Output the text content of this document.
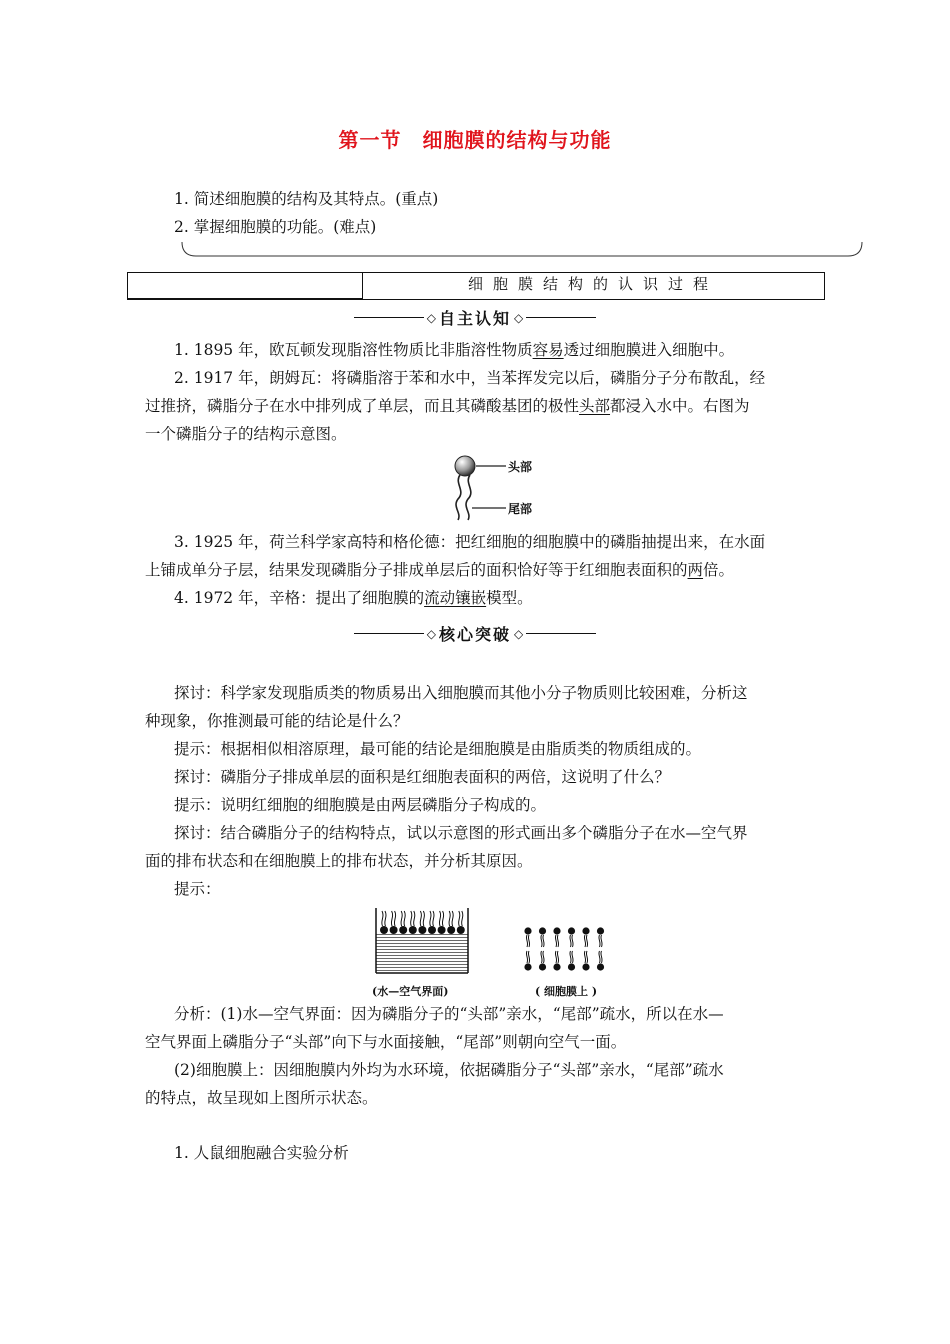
第一节　细胞膜的结构与功能
1. 简述细胞膜的结构及其特点。(重点)
2. 掌握细胞膜的功能。(难点)
细胞膜结构的认识过程
◇ 自主认知 ◇
1. 1895 年，欧瓦顿发现脂溶性物质比非脂溶性物质容易透过细胞膜进入细胞中。
2. 1917 年，朗姆瓦：将磷脂溶于苯和水中，当苯挥发完以后，磷脂分子分布散乱，经
过推挤，磷脂分子在水中排列成了单层，而且其磷酸基团的极性头部都浸入水中。右图为
一个磷脂分子的结构示意图。
头部
尾部
3. 1925 年，荷兰科学家高特和格伦德：把红细胞的细胞膜中的磷脂抽提出来，在水面
上铺成单分子层，结果发现磷脂分子排成单层后的面积恰好等于红细胞表面积的两倍。
4. 1972 年，辛格：提出了细胞膜的流动镶嵌模型。
◇ 核心突破 ◇
探讨：科学家发现脂质类的物质易出入细胞膜而其他小分子物质则比较困难，分析这
种现象，你推测最可能的结论是什么？
提示：根据相似相溶原理，最可能的结论是细胞膜是由脂质类的物质组成的。
探讨：磷脂分子排成单层的面积是红细胞表面积的两倍，这说明了什么？
提示：说明红细胞的细胞膜是由两层磷脂分子构成的。
探讨：结合磷脂分子的结构特点，试以示意图的形式画出多个磷脂分子在水—空气界
面的排布状态和在细胞膜上的排布状态，并分析其原因。
提示：
(水—空气界面)	( 细胞膜上 )
分析：(1)水—空气界面：因为磷脂分子的“头部”亲水，“尾部”疏水，所以在水—
空气界面上磷脂分子“头部”向下与水面接触，“尾部”则朝向空气一面。
(2)细胞膜上：因细胞膜内外均为水环境，依据磷脂分子“头部”亲水，“尾部”疏水
的特点，故呈现如上图所示状态。
1. 人鼠细胞融合实验分析
